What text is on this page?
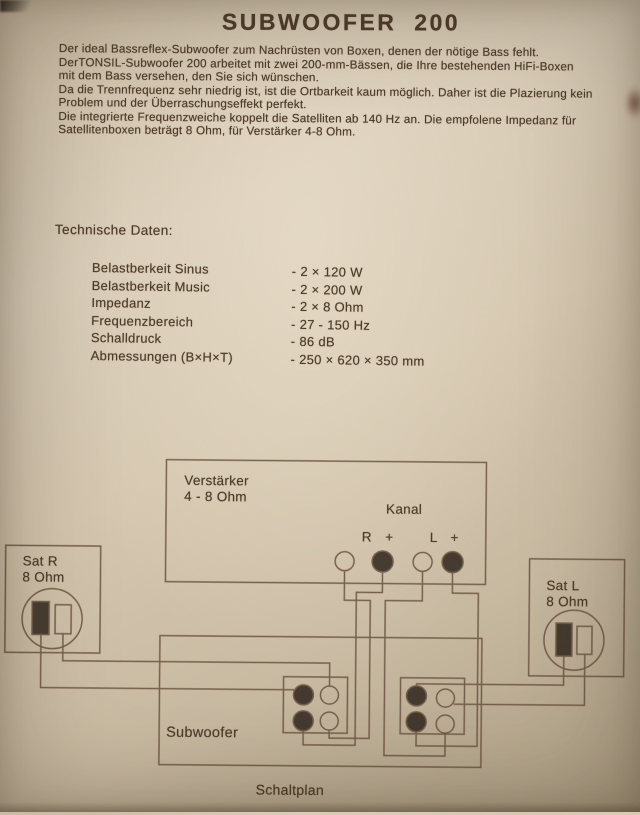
SUBWOOFER  200
Der ideal Bassreflex-Subwoofer zum Nachrüsten von Boxen, denen der nötige Bass fehlt.
DerTONSIL-Subwoofer 200 arbeitet mit zwei 200-mm-Bässen, die Ihre bestehenden HiFi-Boxen
mit dem Bass versehen, den Sie sich wünschen.
Da die Trennfrequenz sehr niedrig ist, ist die Ortbarkeit kaum möglich. Daher ist die Plazierung kein
Problem und der Überraschungseffekt perfekt.
Die integrierte Frequenzweiche koppelt die Satelliten ab 140 Hz an. Die empfolene Impedanz für
Satellitenboxen beträgt 8 Ohm, für Verstärker 4-8 Ohm.
Technische Daten:
Belastberkeit Sinus	- 2 × 120 W
Belastberkeit Music	- 2 × 200 W
Impedanz	- 2 × 8 Ohm
Frequenzbereich	- 27 - 150 Hz
Schalldruck	- 86 dB
Abmessungen (B×H×T)	- 250 × 620 × 350 mm
Verstärker
4 - 8 Ohm
Kanal
R + L +
Sat R
8 Ohm
Sat L
8 Ohm
Subwoofer
Schaltplan
